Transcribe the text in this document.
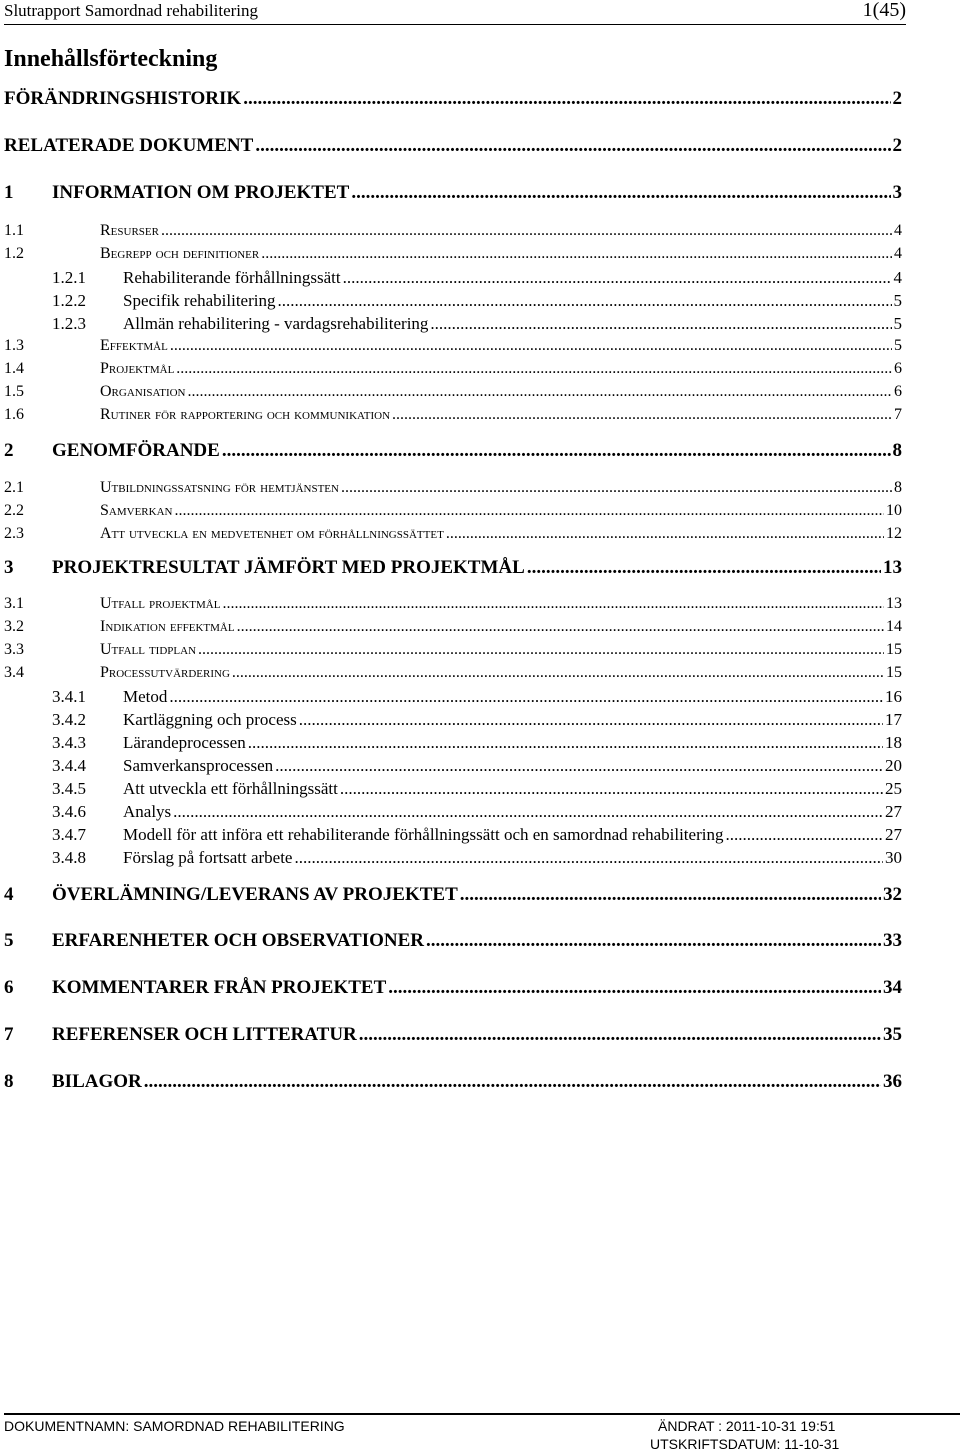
Slutrapport Samordnad rehabilitering	1(45)
Innehållsförteckning
FÖRÄNDRINGSHISTORIK .....	2
RELATERADE DOKUMENT .....	2
1 INFORMATION OM PROJEKTET .....	3
1.1	Resurser .....	4
1.2	Begrepp och definitioner .....	4
1.2.1 Rehabiliterande förhållningssätt .....	4
1.2.2 Specifik rehabilitering .....	5
1.2.3 Allmän rehabilitering - vardagsrehabilitering .....	5
1.3	Effektmål .....	5
1.4	Projektmål .....	6
1.5	Organisation .....	6
1.6	Rutiner för rapportering och kommunikation .....	7
2 GENOMFÖRANDE .....	8
2.1	Utbildningssatsning för hemtjänsten .....	8
2.2	Samverkan .....	10
2.3	Att utveckla en medvetenhet om förhållningssättet .....	12
3 PROJEKTRESULTAT JÄMFÖRT MED PROJEKTMÅL .....	13
3.1	Utfall projektmål .....	13
3.2	Indikation effektmål .....	14
3.3	Utfall tidplan .....	15
3.4	Processutvärdering .....	15
3.4.1 Metod .....	16
3.4.2 Kartläggning och process .....	17
3.4.3 Lärandeprocessen .....	18
3.4.4 Samverkansprocessen .....	20
3.4.5 Att utveckla ett förhållningssätt .....	25
3.4.6 Analys .....	27
3.4.7 Modell för att införa ett rehabiliterande förhållningssätt och en samordnad rehabilitering .....	27
3.4.8 Förslag på fortsatt arbete .....	30
4 ÖVERLÄMNING/LEVERANS AV PROJEKTET .....	32
5 ERFARENHETER OCH OBSERVATIONER .....	33
6 KOMMENTARER FRÅN PROJEKTET .....	34
7 REFERENSER OCH LITTERATUR .....	35
8 BILAGOR .....	36
DOKUMENTNAMN: SAMORDNAD REHABILITERING	ÄNDRAT : 2011-10-31 19:51
UTSKRIFTSDATUM: 11-10-31
